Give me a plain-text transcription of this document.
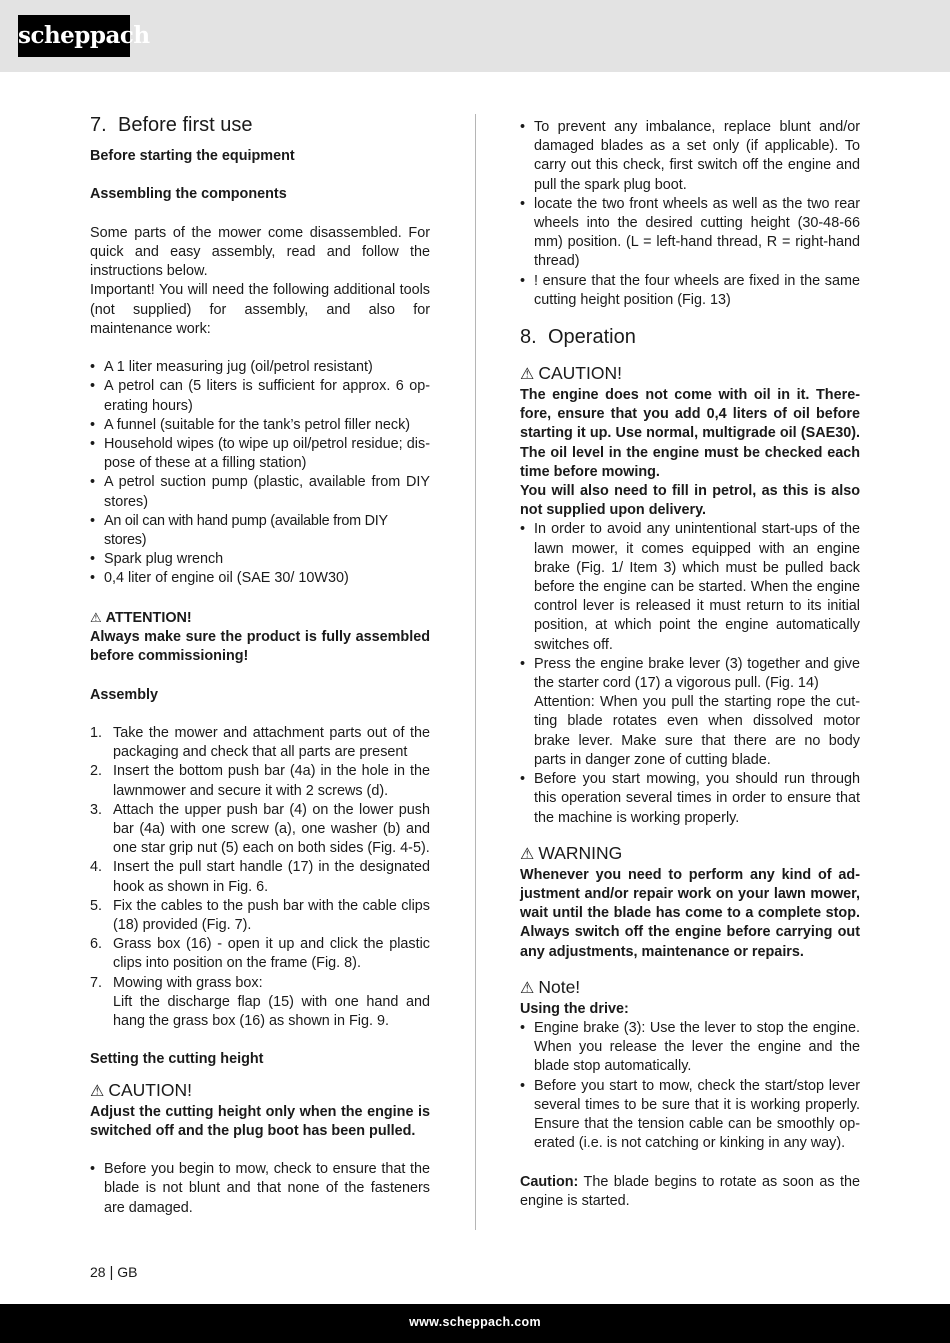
scheppach
7. Before first use

Before starting the equipment

Assembling the components

Some parts of the mower come disassembled. For quick and easy assembly, read and follow the instructions below.

Important! You will need the following additional tools (not supplied) for assembly, and also for maintenance work:

• A 1 liter measuring jug (oil/petrol resistant)
• A petrol can (5 liters is sufficient for approx. 6 operating hours)
• A funnel (suitable for the tank’s petrol filler neck)
• Household wipes (to wipe up oil/petrol residue; dispose of these at a filling station)
• A petrol suction pump (plastic, available from DIY stores)
• An oil can with hand pump (available from DIY stores)
• Spark plug wrench
• 0,4 liter of engine oil (SAE 30/ 10W30)

⚠ ATTENTION!

Always make sure the product is fully assembled before commissioning!

Assembly

1. Take the mower and attachment parts out of the packaging and check that all parts are present
2. Insert the bottom push bar (4a) in the hole in the lawnmower and secure it with 2 screws (d).
3. Attach the upper push bar (4) on the lower push bar (4a) with one screw (a), one washer (b) and one star grip nut (5) each on both sides (Fig. 4-5).
4. Insert the pull start handle (17) in the designated hook as shown in Fig. 6.
5. Fix the cables to the push bar with the cable clips (18) provided (Fig. 7).
6. Grass box (16) - open it up and click the plastic clips into position on the frame (Fig. 8).
7. Mowing with grass box:
Lift the discharge flap (15) with one hand and hang the grass box (16) as shown in Fig. 9.

Setting the cutting height

⚠ CAUTION!

Adjust the cutting height only when the engine is switched off and the plug boot has been pulled.

• Before you begin to mow, check to ensure that the blade is not blunt and that none of the fasteners are damaged.
• To prevent any imbalance, replace blunt and/or damaged blades as a set only (if applicable). To carry out this check, first switch off the engine and pull the spark plug boot.
• locate the two front wheels as well as the two rear wheels into the desired cutting height (30-48-66 mm) position. (L = left-hand thread, R = right-hand thread)
• ! ensure that the four wheels are fixed in the same cutting height position (Fig. 13)
8. Operation

⚠ CAUTION!

The engine does not come with oil in it. Therefore, ensure that you add 0,4 liters of oil before starting it up. Use normal, multigrade oil (SAE30). The oil level in the engine must be checked each time before mowing.

You will also need to fill in petrol, as this is also not supplied upon delivery.

• In order to avoid any unintentional start-ups of the lawn mower, it comes equipped with an engine brake (Fig. 1/ Item 3) which must be pulled back before the engine can be started. When the engine control lever is released it must return to its initial position, at which point the engine automatically switches off.
• Press the engine brake lever (3) together and give the starter cord (17) a vigorous pull. (Fig. 14)
Attention: When you pull the starting rope the cutting blade rotates even when dissolved motor brake lever. Make sure that there are no body parts in danger zone of cutting blade.
• Before you start mowing, you should run through this operation several times in order to ensure that the machine is working properly.

⚠ WARNING

Whenever you need to perform any kind of adjustment and/or repair work on your lawn mower, wait until the blade has come to a complete stop. Always switch off the engine before carrying out any adjustments, maintenance or repairs.

⚠ Note!

Using the drive:

• Engine brake (3): Use the lever to stop the engine. When you release the lever the engine and the blade stop automatically.
• Before you start to mow, check the start/stop lever several times to be sure that it is working properly. Ensure that the tension cable can be smoothly operated (i.e. is not catching or kinking in any way).

Caution: The blade begins to rotate as soon as the engine is started.

28 | GB
www.scheppach.com
